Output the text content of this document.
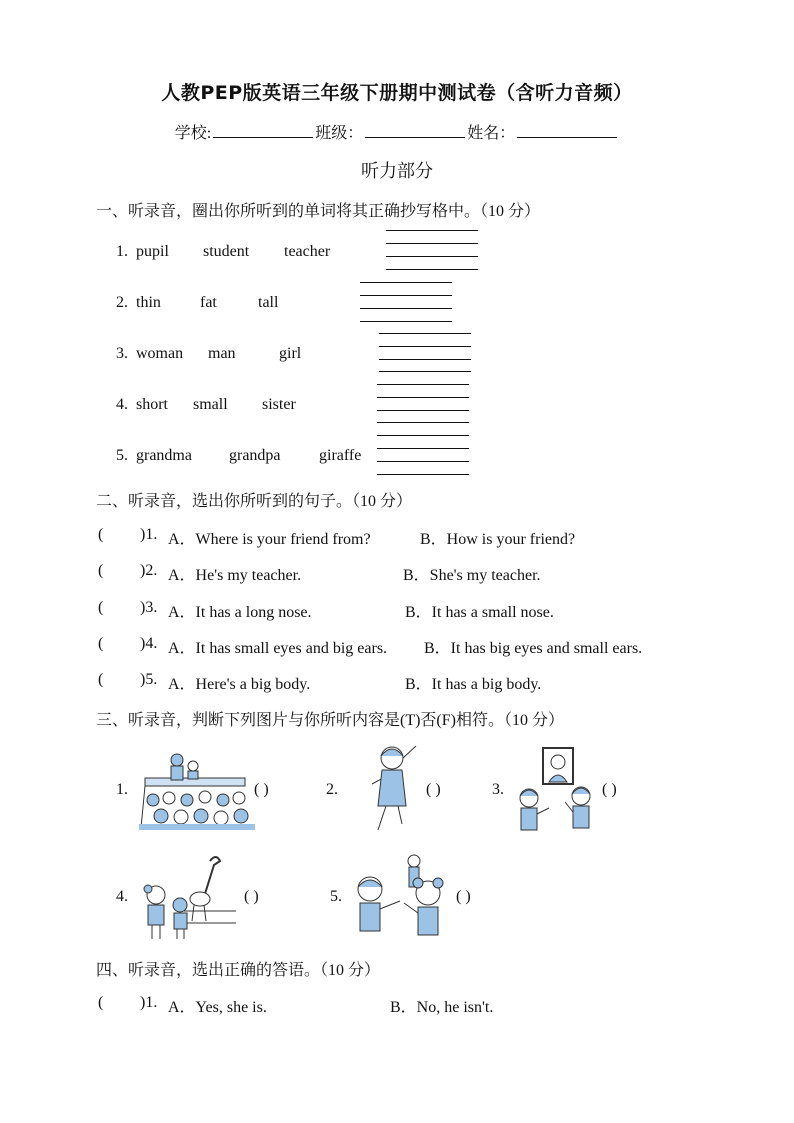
人教PEP版英语三年级下册期中测试卷（含听力音频）
学校:	班级：	姓名：
听力部分
一、听录音，圈出你所听到的单词将其正确抄写格中。（10 分）
1. pupil student teacher
2. thin fat	tall
3. woman man	girl
4. short small sister
5. grandma grandpa giraffe
二、听录音，选出你所听到的句子。（10 分）
( )1. A．Where is your friend from?	B．How is your friend?
( )2. A．He's my teacher.	B．She's my teacher.
( )3. A．It has a long nose.	B．It has a small nose.
( )4. A．It has small eyes and big ears. B．It has big eyes and small ears.
( )5. A．Here's a big body.	B．It has a big body.
三、听录音，判断下列图片与你所听内容是(T)否(F)相符。（10 分）
1.	( )	2.	( )	3.	( )
4.	( )	5.	( )
四、听录音，选出正确的答语。（10 分）
( )1. A．Yes, she is.	B．No, he isn't.
